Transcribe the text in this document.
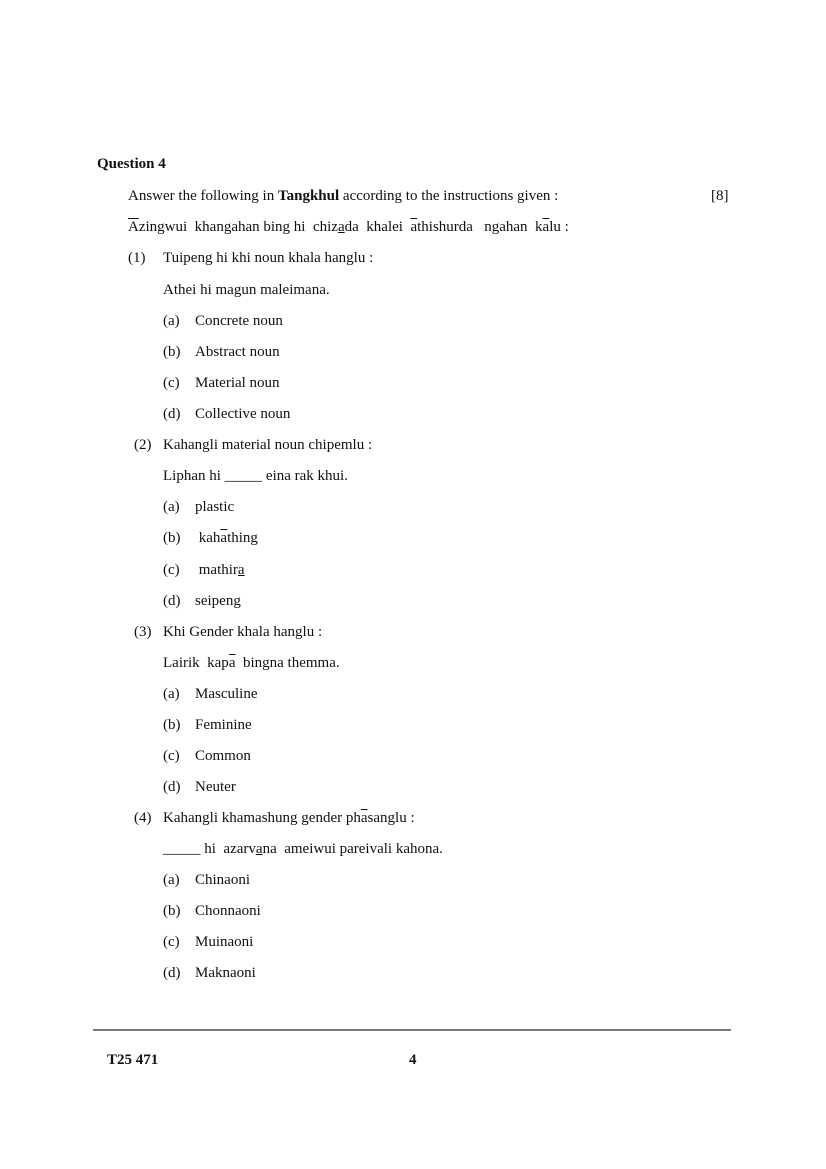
Question 4
Answer the following in Tangkhul according to the instructions given :	[8]
$\overline{A}zingwui$  khangahan bing hi  chizada  khalei  $\overline{a}thishurda$   ngahan  $k\overline{a}lu$ :
(1) Tuipeng hi khi noun khala hanglu :
Athei hi magun maleimana.
(a) Concrete noun
(b) Abstract noun
(c) Material noun
(d) Collective noun
(2) Kahangli material noun chipemlu :
Liphan hi _____ eina rak khui.
(a) plastic
(b) $kah\overline{a}thing$
(c) mathira
(d) seipeng
(3) Khi Gender khala hanglu :
Lairik  $kap\overline{a}$  bingna themma.
(a) Masculine
(b) Feminine
(c) Common
(d) Neuter
(4) Kahangli khamashung gender $ph\overline{a}sanglu$ :
_____ hi  azarvana  ameiwui pareivali kahona.
(a) Chinaoni
(b) Chonnaoni
(c) Muinaoni
(d) Maknaoni
T25 471	4
